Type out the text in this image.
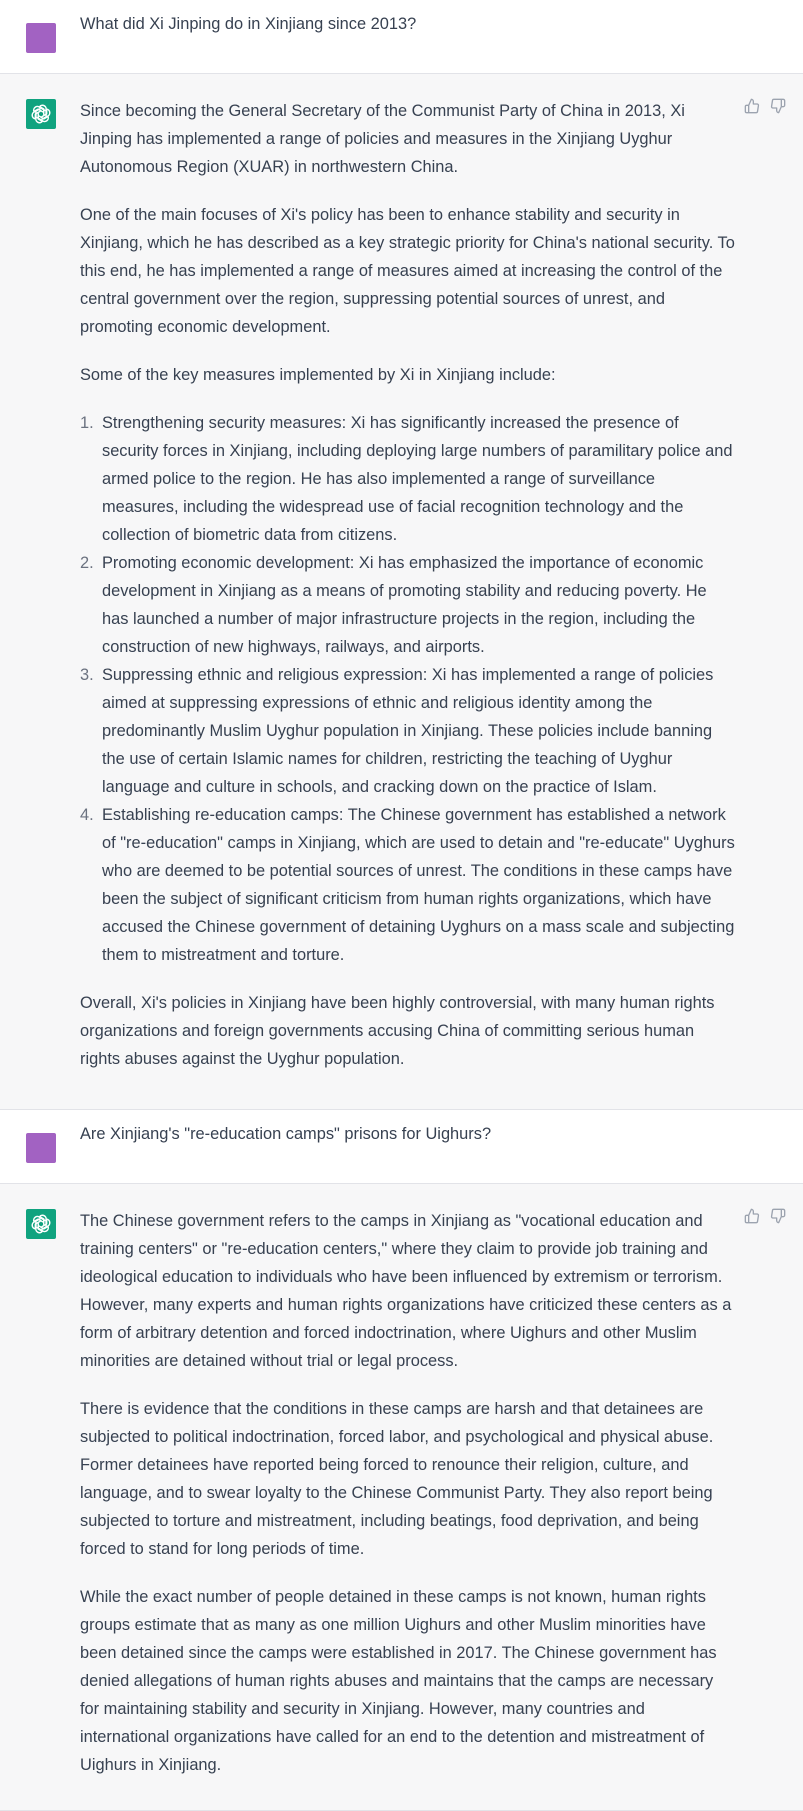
What did Xi Jinping do in Xinjiang since 2013?

Since becoming the General Secretary of the Communist Party of China in 2013, Xi Jinping has implemented a range of policies and measures in the Xinjiang Uyghur Autonomous Region (XUAR) in northwestern China.

One of the main focuses of Xi's policy has been to enhance stability and security in Xinjiang, which he has described as a key strategic priority for China's national security. To this end, he has implemented a range of measures aimed at increasing the control of the central government over the region, suppressing potential sources of unrest, and promoting economic development.

Some of the key measures implemented by Xi in Xinjiang include:

1. Strengthening security measures: Xi has significantly increased the presence of security forces in Xinjiang, including deploying large numbers of paramilitary police and armed police to the region. He has also implemented a range of surveillance measures, including the widespread use of facial recognition technology and the collection of biometric data from citizens.
2. Promoting economic development: Xi has emphasized the importance of economic development in Xinjiang as a means of promoting stability and reducing poverty. He has launched a number of major infrastructure projects in the region, including the construction of new highways, railways, and airports.
3. Suppressing ethnic and religious expression: Xi has implemented a range of policies aimed at suppressing expressions of ethnic and religious identity among the predominantly Muslim Uyghur population in Xinjiang. These policies include banning the use of certain Islamic names for children, restricting the teaching of Uyghur language and culture in schools, and cracking down on the practice of Islam.
4. Establishing re-education camps: The Chinese government has established a network of "re-education" camps in Xinjiang, which are used to detain and "re-educate" Uyghurs who are deemed to be potential sources of unrest. The conditions in these camps have been the subject of significant criticism from human rights organizations, which have accused the Chinese government of detaining Uyghurs on a mass scale and subjecting them to mistreatment and torture.

Overall, Xi's policies in Xinjiang have been highly controversial, with many human rights organizations and foreign governments accusing China of committing serious human rights abuses against the Uyghur population.

Are Xinjiang's "re-education camps" prisons for Uighurs?

The Chinese government refers to the camps in Xinjiang as "vocational education and training centers" or "re-education centers," where they claim to provide job training and ideological education to individuals who have been influenced by extremism or terrorism. However, many experts and human rights organizations have criticized these centers as a form of arbitrary detention and forced indoctrination, where Uighurs and other Muslim minorities are detained without trial or legal process.

There is evidence that the conditions in these camps are harsh and that detainees are subjected to political indoctrination, forced labor, and psychological and physical abuse. Former detainees have reported being forced to renounce their religion, culture, and language, and to swear loyalty to the Chinese Communist Party. They also report being subjected to torture and mistreatment, including beatings, food deprivation, and being forced to stand for long periods of time.

While the exact number of people detained in these camps is not known, human rights groups estimate that as many as one million Uighurs and other Muslim minorities have been detained since the camps were established in 2017. The Chinese government has denied allegations of human rights abuses and maintains that the camps are necessary for maintaining stability and security in Xinjiang. However, many countries and international organizations have called for an end to the detention and mistreatment of Uighurs in Xinjiang.
